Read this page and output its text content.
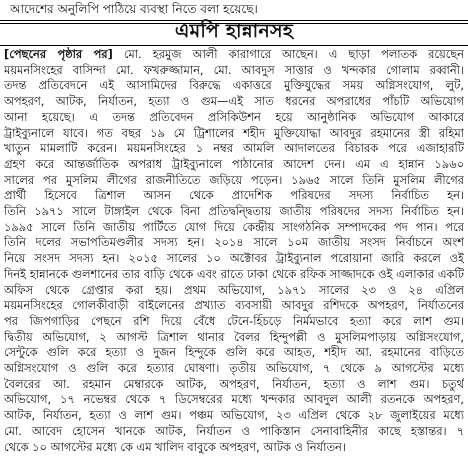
আদেশের অনুলিপি পাঠিয়ে ব্যবস্থা নিতে বলা হয়েছে।
এমপি হান্নানসহ
[পেছনের পৃষ্ঠার পর] মো. হরমুজ আলী কারাগারে আছেন। এ ছাড়া পলাতক রয়েছেন
ময়মনসিংহের বাসিন্দা মো. ফখরুজ্জামান, মো. আবদুস সাত্তার ও খন্দকার গোলাম রব্বানী।
তদন্ত প্রতিবেদনে এই আসামিদের বিরুদ্ধে একাত্তরে মুক্তিযুদ্ধের সময় অগ্নিসংযোগ, লুট,
অপহরণ, আটক, নির্যাতন, হত্যা ও গুম—এই সাত ধরনের অপরাধের পাঁচটি অভিযোগ
আনা হয়েছে। এ তদন্ত প্রতিবেদন প্রসিকিউশন হয়ে আনুষ্ঠানিক অভিযোগ আকারে
ট্রাইব্যুনালে যাবে। গত বছর ১৯ মে ট্রিশালের শহীদ মুক্তিযোদ্ধা আবদুর রহমানের স্ত্রী রহিমা
খাতুন মামলাটি করেন। ময়মনসিংহের ১ নম্বর আমলি আদালতের বিচারক পরে এজাহারটি
গ্রহণ করে আন্তর্জাতিক অপরাধ ট্রাইব্যুনালে পাঠানোর আদেশ দেন। এম এ হান্নান ১৯৬০
সালের পর মুসলিম লীগের রাজনীতিতে জড়িয়ে পড়েন। ১৯৬৫ সালে তিনি মুসলিম লীগের
প্রার্থী হিসেবে ত্রিশাল আসন থেকে প্রাদেশিক পরিষদের সদস্য নির্বাচিত হন।
তিনি ১৯৭১ সালে টাঙ্গাইল থেকে বিনা প্রতিদ্বন্দ্বিতায় জাতীয় পরিষদের সদস্য নির্বাচিত হন।
১৯৯৫ সালে তিনি জাতীয় পার্টিতে যোগ দিয়ে কেন্দ্রীয় সাংগঠনিক সম্পাদকের পদ পান। পরে
তিনি দলের সভাপতিমণ্ডলীর সদস্য হন। ২০১৪ সালে ১০ম জাতীয় সংসদ নির্বাচনে অংশ
নিয়ে সংসদ সদস্য হন। ২০১৫ সালের ১০ অক্টোবর ট্রাইব্যুনাল পরোয়ানা জারি করলে ওই
দিনই হান্নানকে গুলশানের তার বাড়ি থেকে এবং রাতে ঢাকা থেকে রফিক সাজ্জাদকে ওই এলাকার একটি
অফিস থেকে গ্রেপ্তার করা হয়। প্রথম অভিযোগ, ১৯৭১ সালের ২৩ ও ২৪ এপ্রিল
ময়মনসিংহের গোলকীবাড়ী বাইলেনের প্রখ্যাত ব্যবসায়ী আবদুর রশিদকে অপহরণ, নির্যাতনের
পর জিপগাড়ির পেছনে রশি দিয়ে বেঁধে টেনে-হিঁচড়ে নির্মমভাবে হত্যা করে লাশ গুম।
দ্বিতীয় অভিযোগ, ২ আগস্ট ত্রিশাল থানার বৈলর হিন্দুপল্লী ও মুসলিমপাড়ায় অগ্নিসংযোগ,
সেন্টুকে গুলি করে হত্যা ও দুজন হিন্দুকে গুলি করে আহত, শহীদ আ. রহমানের বাড়িতে
অগ্নিসংযোগ ও গুলি করে হত্যার ঘোষণা। তৃতীয় অভিযোগ, ৭ থেকে ৯ আগস্টের মধ্যে
বৈলরের আ. রহমান মেম্বারকে আটক, অপহরণ, নির্যাতন, হত্যা ও লাশ গুম। চতুর্থ
অভিযোগ, ১৭ নভেম্বর থেকে ৭ ডিসেম্বরের মধ্যে খন্দকার আবদুল আলী রতনকে অপহরণ,
আটক, নির্যাতন, হত্যা ও লাশ গুম। পঞ্চম অভিযোগ, ২৩ এপ্রিল থেকে ২৮ জুলাইয়ের মধ্যে
মো. আবেদ হোসেন খানকে আটক, নির্যাতন ও পাকিস্তান সেনাবাহিনীর কাছে হস্তান্তর। ৭
থেকে ১০ আগস্টের মধ্যে কে এম খালিদ বাবুকে অপহরণ, আটক ও নির্যাতন।
